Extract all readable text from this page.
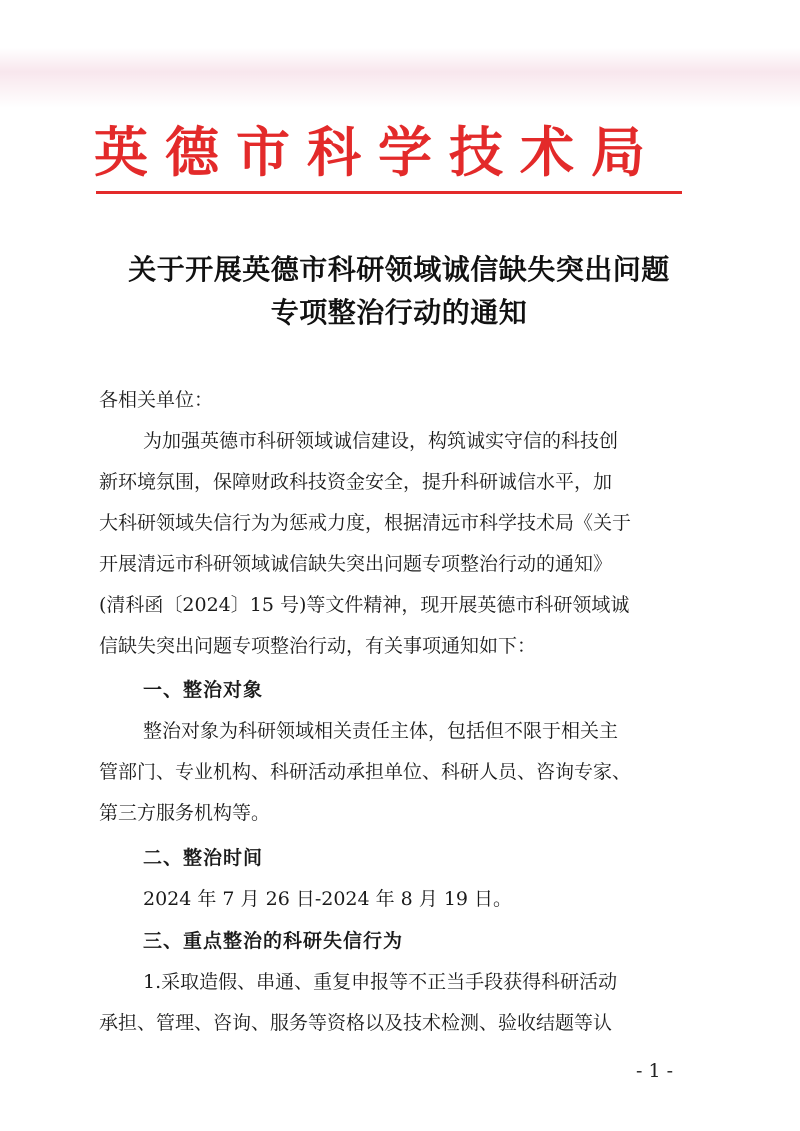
英德市科学技术局
关于开展英德市科研领域诚信缺失突出问题
专项整治行动的通知
各相关单位：
为加强英德市科研领域诚信建设，构筑诚实守信的科技创
新环境氛围，保障财政科技资金安全，提升科研诚信水平，加
大科研领域失信行为为惩戒力度，根据清远市科学技术局《关于
开展清远市科研领域诚信缺失突出问题专项整治行动的通知》
(清科函〔2024〕15 号)等文件精神，现开展英德市科研领域诚
信缺失突出问题专项整治行动，有关事项通知如下：
一、整治对象
整治对象为科研领域相关责任主体，包括但不限于相关主
管部门、专业机构、科研活动承担单位、科研人员、咨询专家、
第三方服务机构等。
二、整治时间
2024 年 7 月 26 日-2024 年 8 月 19 日。
三、重点整治的科研失信行为
1.采取造假、串通、重复申报等不正当手段获得科研活动
承担、管理、咨询、服务等资格以及技术检测、验收结题等认
- 1 -
